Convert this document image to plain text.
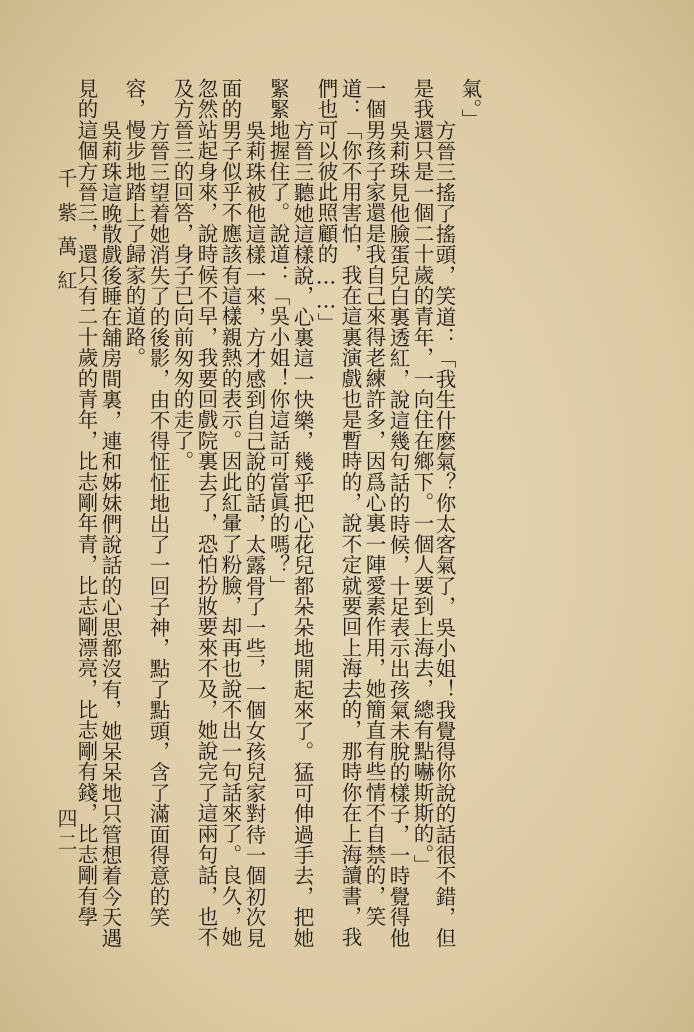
氣。」
方晉三搖了搖頭，笑道：「我生什麽氣？你太客氣了，吳小姐！我覺得你說的話很不錯，但
是我還只是一個二十歲的青年，一向住在鄉下。一個人要到上海去，總有點嚇斯斯的。」
吳莉珠見他臉蛋兒白裏透紅，說這幾句話的時候，十足表示出孩氣未脫的樣子，一時覺得他
一個男孩子家還是我自己來得老練許多，因爲心裏一陣愛素作用，她簡直有些情不自禁的，笑
道：「你不用害怕，我在這裏演戲也是暫時的，說不定就要回上海去的，那時你在上海讀書，我
們也可以彼此照顧的……」
方晉三聽她這樣說，心裏這一快樂，幾乎把心花兒都朵朵地開起來了。猛可伸過手去，把她
緊緊地握住了。說道：「吳小姐！你這話可當眞的嗎？」
吳莉珠被他這樣一來，方才感到自己說的話，太露骨了一些，一個女孩兒家對待一個初次見
面的男子似乎不應該有這樣親熱的表示。因此紅暈了粉臉，却再也說不出一句話來了。良久，她
忽然站起身來，說時候不早，我要回戲院裏去了，恐怕扮妝要來不及，她說完了這兩句話，也不
及方晉三的回答，身子已向前匆匆的走了。
方晉三望着她消失了的後影，由不得怔怔地出了一回子神，點了點頭，含了滿面得意的笑
容，慢步地踏上了歸家的道路。
吳莉珠這晚散戲後睡在舖房間裏，連和姊妹們說話的心思都沒有，她呆呆地只管想着今天遇
見的這個方晉三，還只有二十歲的青年，比志剛年青，比志剛漂亮，比志剛有錢，比志剛有學
千紫萬紅
四二
